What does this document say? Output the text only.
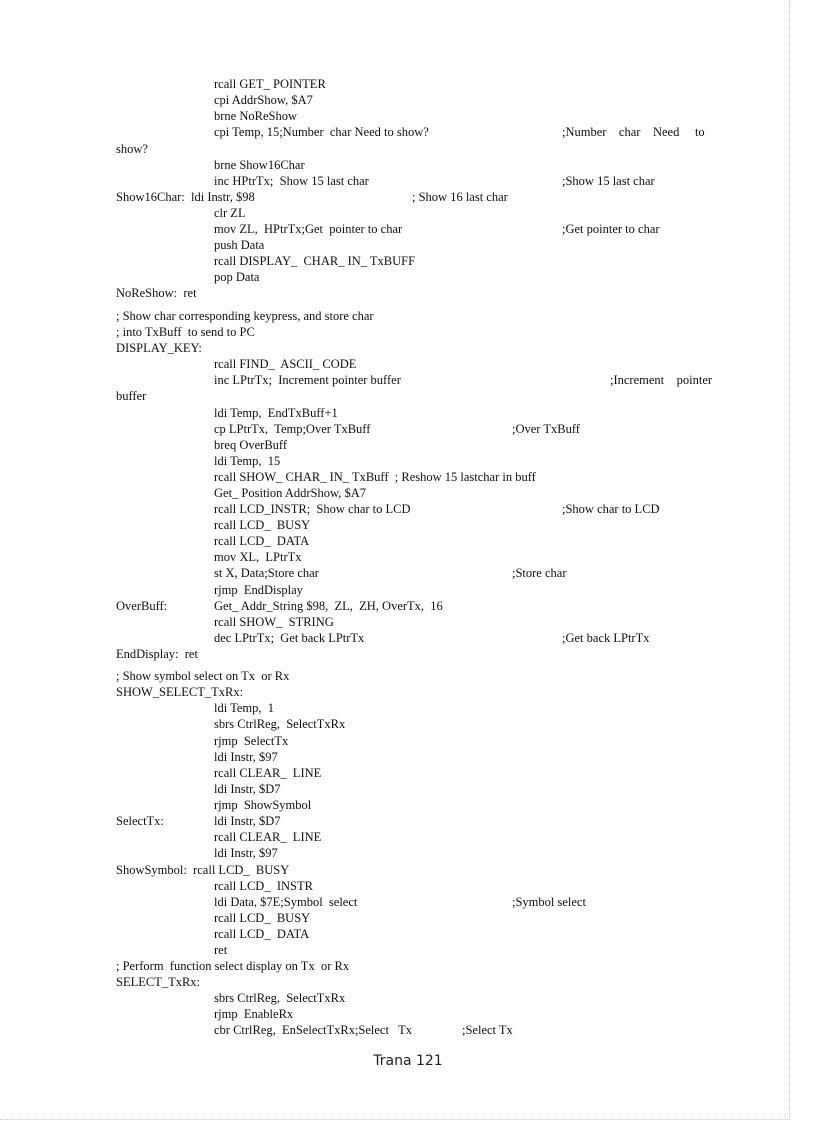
rcall GET_ POINTER
cpi AddrShow, $A7
brne NoReShow
cpi Temp, 15;Number  char Need to show?	;Number    char    Need     to
show?
brne Show16Char
inc HPtrTx;  Show 15 last char	;Show 15 last char
Show16Char:  ldi Instr, $98	; Show 16 last char
clr ZL
mov ZL,  HPtrTx;Get  pointer to char	;Get pointer to char
push Data
rcall DISPLAY_  CHAR_ IN_ TxBUFF
pop Data
NoReShow:  ret
; Show char corresponding keypress, and store char
; into TxBuff  to send to PC
DISPLAY_KEY:
rcall FIND_  ASCII_ CODE
inc LPtrTx;  Increment pointer buffer	;Increment    pointer
buffer
ldi Temp,  EndTxBuff+1
cp LPtrTx,  Temp;Over TxBuff	;Over TxBuff
breq OverBuff
ldi Temp,  15
rcall SHOW_ CHAR_ IN_ TxBuff  ; Reshow 15 lastchar in buff
Get_ Position AddrShow, $A7
rcall LCD_INSTR;  Show char to LCD	;Show char to LCD
rcall LCD_  BUSY
rcall LCD_  DATA
mov XL,  LPtrTx
st X, Data;Store char	;Store char
rjmp  EndDisplay
OverBuff:	Get_ Addr_String $98,  ZL,  ZH, OverTx,  16
rcall SHOW_  STRING
dec LPtrTx;  Get back LPtrTx	;Get back LPtrTx
EndDisplay:  ret
; Show symbol select on Tx  or Rx
SHOW_SELECT_TxRx:
ldi Temp,  1
sbrs CtrlReg,  SelectTxRx
rjmp  SelectTx
ldi Instr, $97
rcall CLEAR_  LINE
ldi Instr, $D7
rjmp  ShowSymbol
SelectTx:	ldi Instr, $D7
rcall CLEAR_  LINE
ldi Instr, $97
ShowSymbol:  rcall LCD_  BUSY
rcall LCD_  INSTR
ldi Data, $7E;Symbol  select	;Symbol select
rcall LCD_  BUSY
rcall LCD_  DATA
ret
; Perform  function select display on Tx  or Rx
SELECT_TxRx:
sbrs CtrlReg,  SelectTxRx
rjmp  EnableRx
cbr CtrlReg,  EnSelectTxRx;Select   Tx	;Select Tx
Trana 121
